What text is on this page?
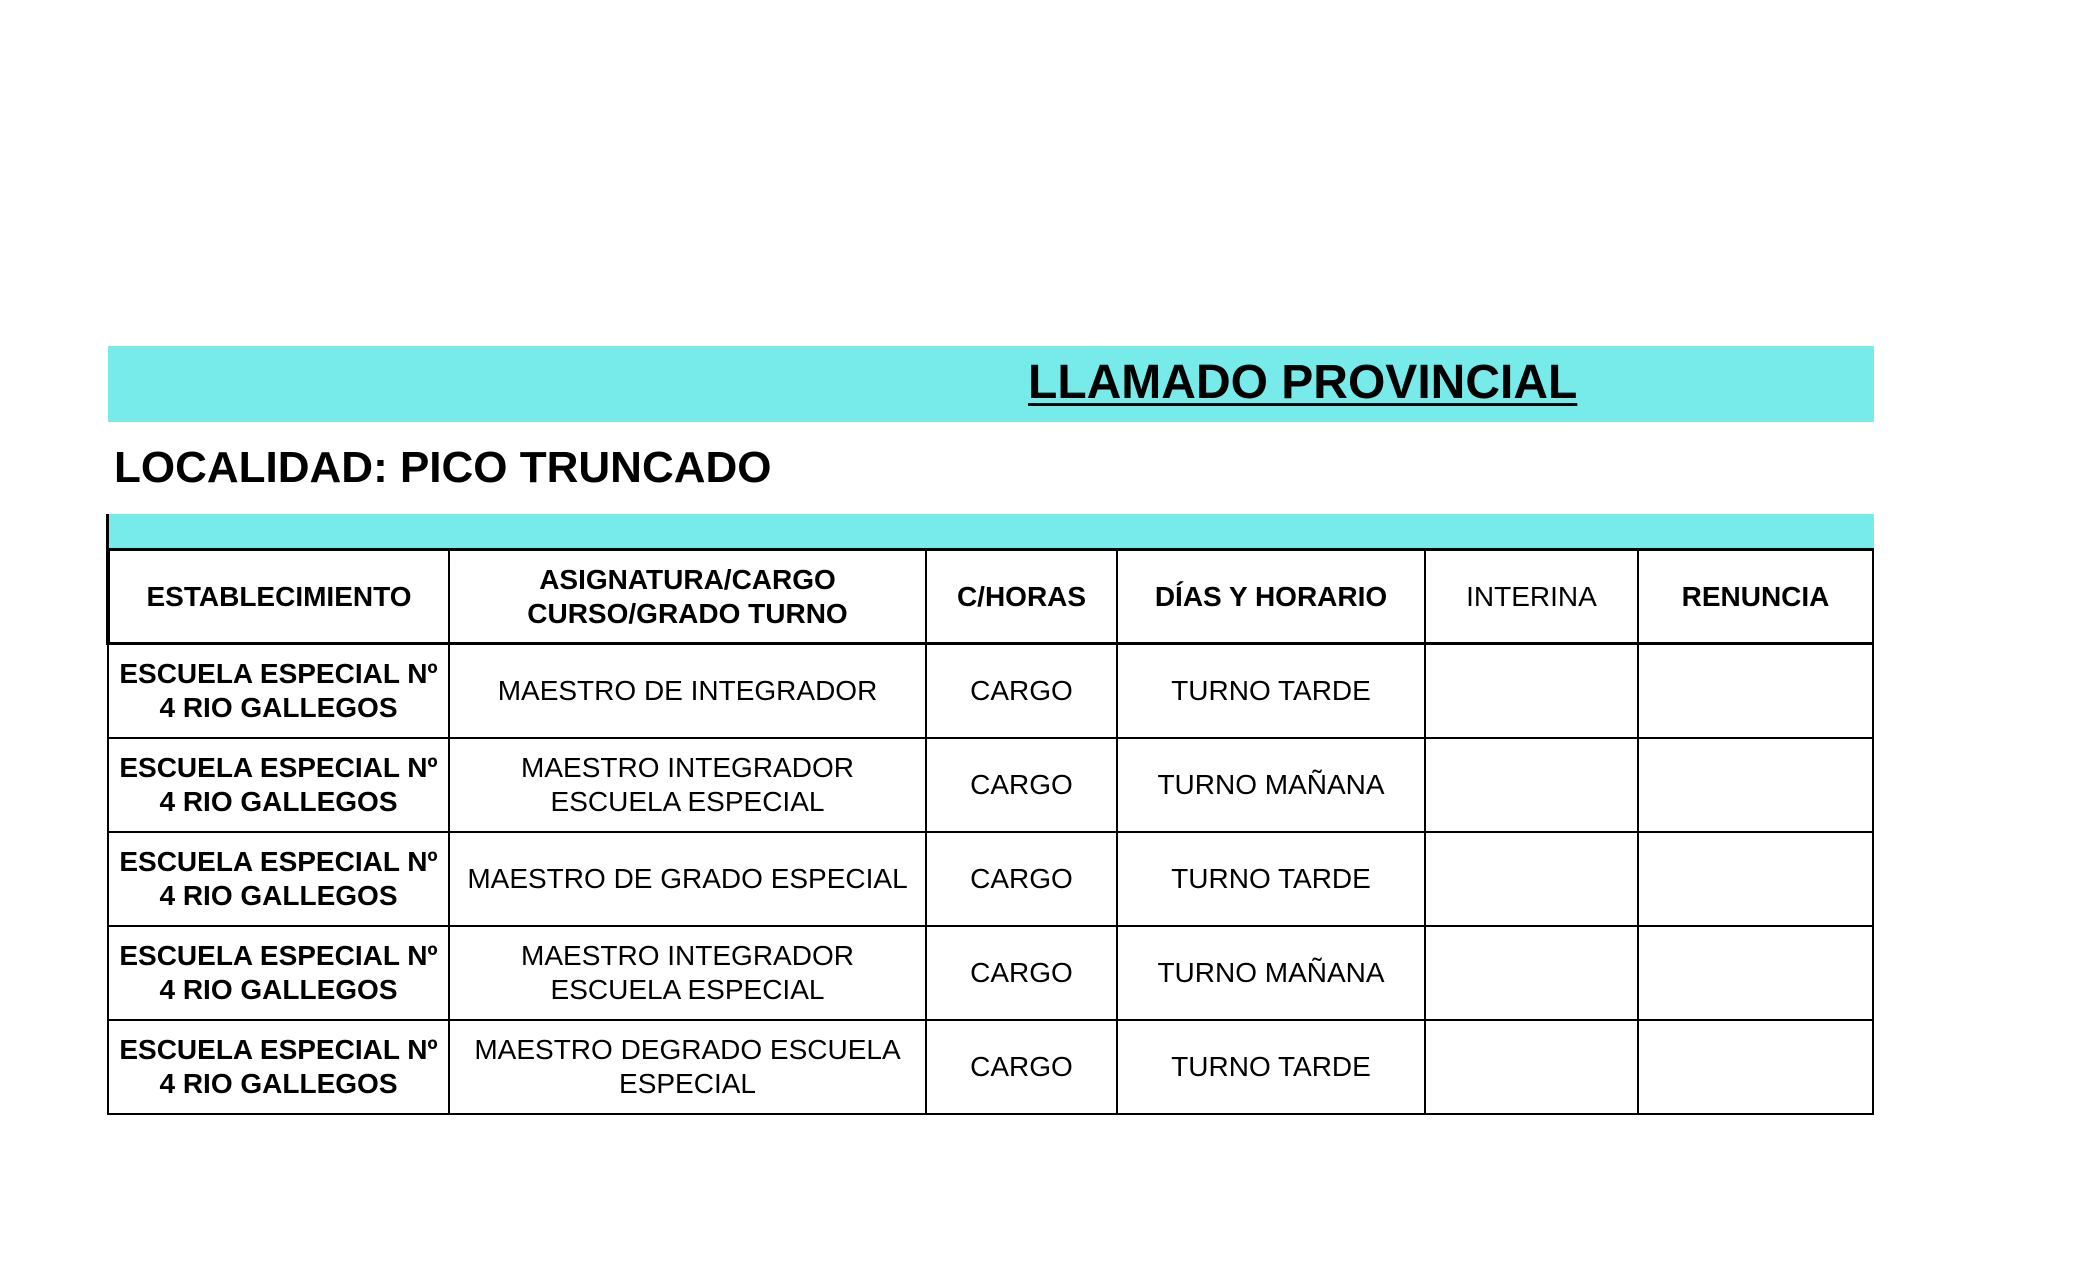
LLAMADO PROVINCIAL
LOCALIDAD: PICO TRUNCADO
ESTABLECIMIENTO	ASIGNATURA/CARGO CURSO/GRADO TURNO	C/HORAS	DÍAS Y HORARIO	INTERINA	RENUNCIA
ESCUELA ESPECIAL Nº 4 RIO GALLEGOS	MAESTRO DE INTEGRADOR	CARGO	TURNO TARDE		
ESCUELA ESPECIAL Nº 4 RIO GALLEGOS	MAESTRO INTEGRADOR ESCUELA ESPECIAL	CARGO	TURNO MAÑANA		
ESCUELA ESPECIAL Nº 4 RIO GALLEGOS	MAESTRO DE GRADO ESPECIAL	CARGO	TURNO TARDE		
ESCUELA ESPECIAL Nº 4 RIO GALLEGOS	MAESTRO INTEGRADOR ESCUELA ESPECIAL	CARGO	TURNO MAÑANA		
ESCUELA ESPECIAL Nº 4 RIO GALLEGOS	MAESTRO DEGRADO ESCUELA ESPECIAL	CARGO	TURNO TARDE		
